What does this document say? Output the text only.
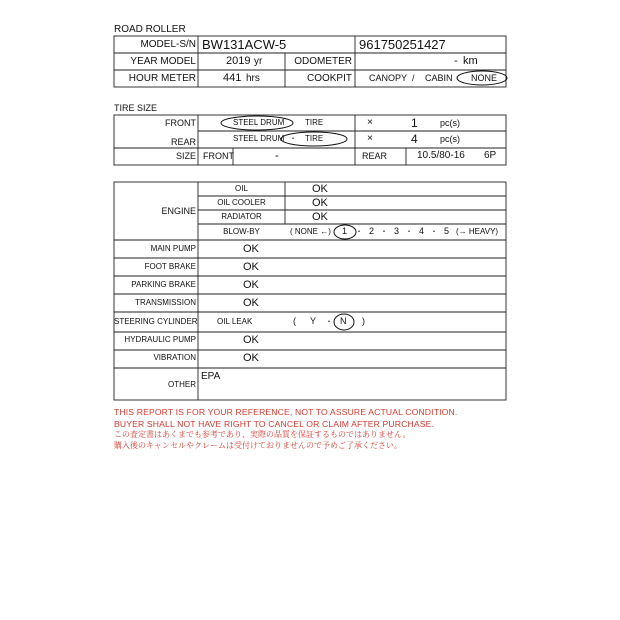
ROAD ROLLER
MODEL-S/N BW131ACW-5	961750251427
YEAR MODEL	2019 yr	ODOMETER	- km
HOUR METER 441 hrs	COOKPIT CANOPY / CABIN NONE
TIRE SIZE
FRONT	STEEL DRUM	TIRE	×	1 pc(s)
REAR	STEEL DRUM ・ TIRE	×	4 pc(s)
SIZE FRONT	-	REAR	10.5/80-16 6P
ENGINE
OIL	OK
OIL COOLER	OK
RADIATOR	OK
BLOW-BY	( NONE ←) 1 ・ 2 ・ 3 ・ 4 ・ 5 (→ HEAVY)
MAIN PUMP	OK
FOOT BRAKE	OK
PARKING BRAKE	OK
TRANSMISSION	OK
STEERING CYLINDER OIL LEAK	( Y ・ N )
HYDRAULIC PUMP	OK
VIBRATION	OK
OTHER
EPA
THIS REPORT IS FOR YOUR REFERENCE, NOT TO ASSURE ACTUAL CONDITION.
BUYER SHALL NOT HAVE RIGHT TO CANCEL OR CLAIM AFTER PURCHASE.
この査定書はあくまでも参考であり、実際の品質を保証するものではありません。
購入後のキャンセルやクレームは受付けておりませんので予めご了承ください。
